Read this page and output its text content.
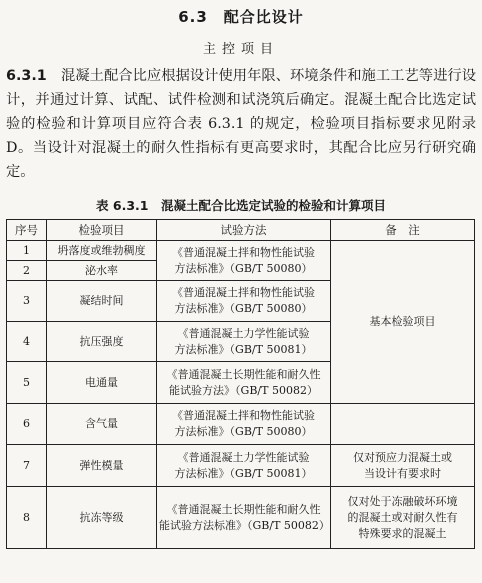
6.3　配合比设计
主控项目

6.3.1　 混凝土配合比应根据设计使用年限、环境条件和施工工艺等进行设计，并通过计算、试配、试件检测和试浇筑后确定。混凝土配合比选定试验的检验和计算项目应符合表 6.3.1 的规定，检验项目指标要求见附录 D。当设计对混凝土的耐久性指标有更高要求时，其配合比应另行研究确定。

表 6.3.1　混凝土配合比选定试验的检验和计算项目
序号	检验项目	试验方法	备　注
1	坍落度或维勃稠度	《普通混凝土拌和物性能试验
方法标准》（GB/T 50080）	基本检验项目
2	泌水率		
3	凝结时间	《普通混凝土拌和物性能试验
方法标准》（GB/T 50080）	
4	抗压强度	《普通混凝土力学性能试验
方法标准》（GB/T 50081）	
5	电通量	《普通混凝土长期性能和耐久性
能试验方法》（GB/T 50082）	
6	含气量	《普通混凝土拌和物性能试验
方法标准》（GB/T 50080）	
7	弹性模量	《普通混凝土力学性能试验
方法标准》（GB/T 50081）	仅对预应力混凝土或
当设计有要求时
8	抗冻等级	《普通混凝土长期性能和耐久性
能试验方法标准》（GB/T 50082）	仅对处于冻融破坏环境
的混凝土或对耐久性有
特殊要求的混凝土
